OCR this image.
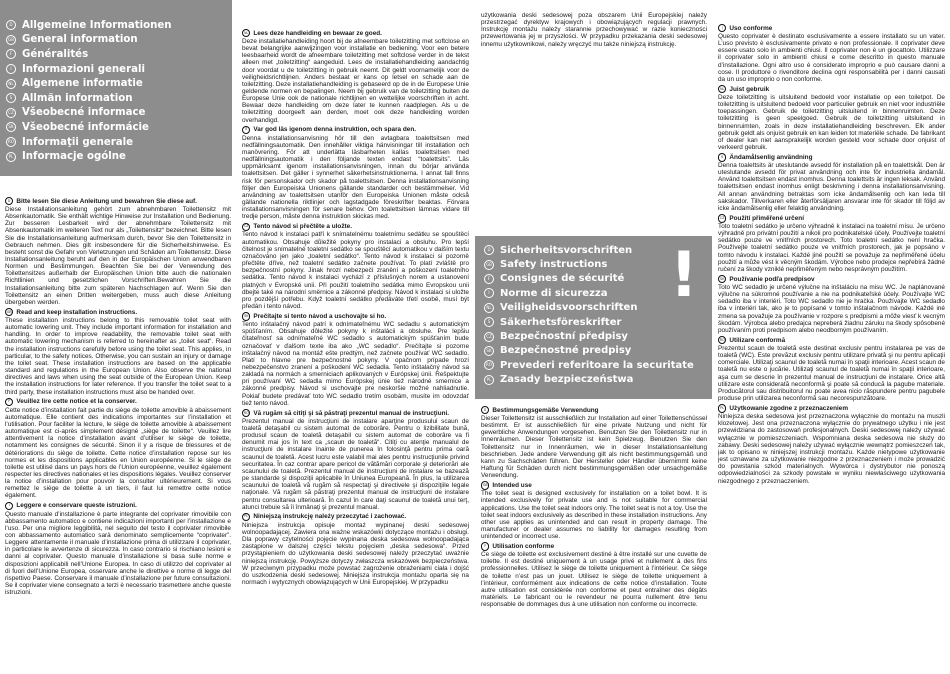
D Allgemeine Informationen
GB General information
F Généralités
I	Informazioni generali
NL Algemene informatie
S Allmän information
CZ Všeobecné informace
SK Všeobecné informácie
RO Informaţii generale
PL Informacje ogólne
D Sicherheitsvorschriften
GB Safety instructions
F Consignes de sécurité
I	Norme di sicurezza
NL Veiligheidsvoorschriften
S Säkerhetsföreskrifter
CZ Bezpečnostní předpisy
SK Bezpečnostné predpisy
RO Prevederi referitoare la securitate
PL Zasady bezpieczeństwa
!
D Bitte lesen Sie diese Anleitung und bewahren Sie diese auf.

Diese Installationsanleitung gehört zum abnehmbaren Toilettensitz mit Absenkautomatik. Sie enthält wichtige Hinweise zur Installation und Bedienung. Zur besseren Lesbarkeit wird der abnehmbare Toilettensitz mit Absenkautomatik im weiteren Text nur als „Toilettensitz“ bezeichnet. Bitte lesen Sie die Installationsanleitung aufmerksam durch, bevor Sie den Toilettensitz in Gebrauch nehmen. Dies gilt insbesondere für die Sicherheitshinweise. Es besteht sonst die Gefahr von Verletzungen und Schäden am Toilettensitz. Diese Installationsanleitung beruht auf den in der Europäischen Union anwendbaren Normen und Bestimmungen. Beachten Sie bei der Verwendung des Toilettensitzes außerhalb der Europäischen Union bitte auch die nationalen Richtlinien und gesetzlichen Vorschriften.Bewahren Sie die Installationsanleitung bitte zum späteren Nachschlagen auf. Wenn Sie den Toilettensitz an einen Dritten weitergeben, muss auch diese Anleitung übergeben werden.

GB Read and keep installation instructions.

These installation instructions belong to this removable toilet seat with automatic lowering unit. They include important information for installation and handling. In order to improve readability, the removable toilet seat with automatic lowering mechanism is referred to hereinafter as „toilet seat“. Read the installation instructions carefully before using the toilet seat. This applies, in particular, to the safety notices. Otherwise, you can sustain an injury or damage the toilet seat. These installation instructions are based on the applicable standard and regulations in the European Union. Also observe the national directives and laws when using the seat outside of the European Union. Keep the installation instructions for later reference. If you transfer the toilet seat to a third party, these installation instructions must also be handed over.

F Veuillez lire cette notice et la conserver.

Cette notice d’installation fait partie du siège de toilette amovible à abaissement automatique. Elle contient des indications importantes sur l’installation et l’utilisation. Pour faciliter la lecture, le siège de toilette amovible à abaissement automatique est ci-après simplement désigné „siège de toilette“. Veuillez lire attentivement la notice d’installation avant d’utiliser le siège de toilette, notamment les consignes de sécurité. Sinon il y a risque de blessures et de détériorations du siège de toilette. Cette notice d’installation repose sur les normes et les dispositions applicables en Union européenne. Si le siège de toilette est utilisé dans un pays hors de l’Union européenne, veuillez également respecter les directives nationales et les dispositions légales. Veuillez conserver la notice d’installation pour pouvoir la consulter ultérieurement. Si vous remettez le siège de toilette à un tiers, il faut lui remettre cette notice également.

I	Leggere e conservare queste istruzioni.

Questo manuale d’installazione è parte integrante del coprivater rimovibile con abbassamento automatico e contiene indicazioni importanti per l’installazione e l’uso. Per una migliore leggibilità, nel seguito del testo il coprivater rimovibile con abbassamento automatico sarà denominato semplicemente “coprivater”. Leggere attentamente il manuale d’installazione prima di utilizzare il coprivater, in particolare le avvertenze di sicurezza. In caso contrario si rischiano lesioni e danni al coprivater. Questo manuale d’installazione si basa sulle norme e disposizioni applicabili nell’Unione Europea. In caso di utilizzo del coprivater al di fuori dell’Unione Europea, osservare anche le direttive e norme di legge del rispettivo Paese. Conservare il manuale d’installazione per future consultazioni. Se il coprivater viene consegnato a terzi è necessario trasmettere anche queste istruzioni.

NL Lees deze handleiding en bewaar ze goed.

Deze installatiehandleiding hoort bij de afneembare toiletzitting met softclose en bevat belangrijke aanwijzingen voor installatie en bediening. Voor een betere leesbaarheid wordt de afneembare toiletzitting met softclose verder in de tekst alleen met „toiletzitting“ aangeduid. Lees de installatiehandleiding aandachtig door voordat u de toiletzitting in gebruik neemt. Dit geldt voornamelijk voor de veiligheidsrichtlijnen. Anders bestaat er kans op letsel en schade aan de toiletzitting. Deze installatiehandleiding is gebaseerd op de in de Europese Unie geldende normen en bepalingen. Neem bij gebruik van de toiletzitting buiten de Europese Unie ook de nationale richtlijnen en wettelijke voorschriften in acht. Bewaar deze handleiding om deze later te kunnen raadplegen. Als u de toiletzitting doorgeeft aan derden, moet ook deze handleiding worden overhandigd.

S Var god läs igenom denna instruktion, och spara den.

Denna installationsanvisning hör till den avtagbara toalettsitsen med nedfällningsautomatik. Den innehåller viktiga hänvisningar till installation och manövrering. För att underlätta läsbarheten kallas toalettsitsen med nedfällningsautomatik i den följande texten endast “toalettsits”. Läs uppmärksamt igenom installationsanvisningen, innan du börjar använda toalettsitsen. Det gäller i synnerhet säkerhetsinstruktionerna. I annat fall finns risk för personskador och skador på toalettsitsen. Denna installationsanvisning följer den Europeiska Unionens gällande standarder och bestämmelser. Vid användning av toalettsitsen utanför den Europeiska Unionen måste också gällande nationella riktlinjer och lagstadgade föreskrifter beaktas. Förvara installationsanvisningen för senare behov. Om toalettsitsen lämnas vidare till tredje person, måste denna instruktion skickas med.

CZ Tento návod si přečtěte a uložte.

Tento návod k instalaci patří k snímatelnému toaletnímu sedátku se spouštěcí automatikou. Obsahuje důležité pokyny pro instalaci a obsluhu. Pro lepší čitelnost je snímatelné toaletní sedátko se spouštěcí automatikou v dalším textu označováno jen jako „toaletní sedátko“. Tento návod k instalaci si pozorně přečtěte dříve, než toaletní sedátko začnete používat. To platí zvláště pro bezpečnostní pokyny. Jinak hrozí nebezpečí zranění a poškození toaletního sedátka. Tento návod k instalaci vychází z příslušných norem a ustanovení platných v Evropské unii. Při použití toaletního sedátka mimo Evropskou unii dbejte také na národní směrnice a zákonné předpisy. Návod k instalaci si uložte pro pozdější potřebu. Když toaletní sedátko předáváte třetí osobě, musí být předán i tento návod.

SK Prečítajte si tento návod a uschovajte si ho.

Tento inštalačný návod patrí k odnímateľnému WC sedadlu s automatickým spúšťaním. Obsahuje dôležité pokyny k inštalácii a obsluhe. Pre lepšiu čitateľnosť sa odnímateľné WC sedadlo s automatickým spúšťaním bude označovať v ďalšom texte iba ako „WC sedadlo“. Prečítajte si pozorne inštalačný návod na montáž ešte predtým, než začnete používať WC sedadlo. Platí to hlavne pre bezpečnostné pokyny. V opačnom prípade hrozí nebezpečenstvo zranení a poškodení WC sedadla. Tento inštalačný návod sa zakladá na normách a smerniciach aplikovaných v Európskej únii. Rešpektujte pri používaní WC sedadla mimo Európskej únie tiež národné smernice a zákonné predpisy. Návod si uschovajte pre neskoršie možné nahliadnutie. Pokiaľ budete predávať toto WC sedadlo tretím osobám, musíte im odovzdať tiež tento návod.

RO Vă rugăm să citiţi şi să păstraţi prezentul manual de instrucţiuni.

Prezentul manual de instrucţiuni de instalare aparţine produsului scaun de toaletă detaşabil cu sistem automat de coborâre. Pentru o lizibilitate bună, produsul scaun de toaletă detaşabil cu sistem automat de coborâre va fi denumit mai jos în text ca „scaun de toaletă“. Citiţi cu atenţie manualul de instrucţiuni de instalare înainte de punerea în folosinţă pentru prima oară scaunul de toaletă. Acest lucru este valabil mai ales pentru instrucţiunile privind securitatea. În caz contrar apare pericol de vătămări corporale şi deteriorări ale scaunului de toaletă. Prezentul manual de instrucţiuni de instalare se bazează pe standarde şi dispoziţii aplicabile în Uniunea Europeană. În plus, la utilizarea scaunului de toaletă vă rugăm să respectaţi şi directivele şi dispoziţiile legale naţionale. Vă rugăm să păstraţi prezentul manual de instrucţiuni de instalare pentru consultarea ulterioară. În cazul în care daţi scaunul de toaletă unui terţ, atunci trebuie să îi înmânaţi şi prezentul manual.

PL Niniejszą instrukcję należy przeczytać i zachować.

Niniejsza instrukcja opisuje montaż wypinanej deski sedesowej wolnoopadającej. Zawiera ona ważne wskazówki dotyczące montażu i obsługi. Dla poprawy czytelności pojęcie wypinana deska sedesowa wolnoopadająca zastąpione w dalszej części tekstu pojęciem „deska sedesowa“. Przed przystąpieniem do użytkowania deski sedesowej należy przeczytać uważnie niniejszą instrukcję. Powyższe dotyczy zwłaszcza wskazówek bezpieczeństwa. W przeciwnym przypadku może powstać zagrożenie obrażeniami ciała i dojść do uszkodzenia deski sedesowej. Niniejsza instrukcja montażu oparta się na normach i wytycznych obowiązujących w Unii Europejskiej. W przypadku

użytkowania deski sedesowej poza obszarem Unii Europejskiej należy przestrzegać dyrektyw krajowych i obowiązujących regulacji prawnych. Instrukcję montażu należy starannie przechowywać w razie konieczności przewertowania jej w przyszłości. W przypadku przekazania deski sedesowej innemu użytkownikowi, należy wręczyć mu także niniejszą instrukcję.

D Bestimmungsgemäße Verwendung

Dieser Toilettensitz ist ausschließlich zur Installation auf einer Toilettenschüssel bestimmt. Er ist ausschließlich für eine private Nutzung und nicht für gewerbliche Anwendungen vorgesehen. Benutzen Sie den Toilettensitz nur in Innenräumen. Dieser Toilettensitz ist kein Spielzeug. Benutzen Sie den Toilettensitz nur in Innenräumen, wie in dieser Installationsanleitung beschrieben. Jede andere Verwendung gilt als nicht bestimmungsgemäß und kann zu Sachschäden führen. Der Hersteller oder Händler übernimmt keine Haftung für Schäden durch nicht bestimmungsgemäßen oder unsachgemäße Verwendung.

GB Intended use

The toilet seat is designed exclusively for installation on a toilet bowl. It is intended exclusively for private use and is not suitable for commercial applications. Use the toilet seat indoors only. The toilet seat is not a toy. Use the toilet seat indoors exclusively as described in these installation instructions. Any other use applies as unintended and can result in property damage. The manufacturer or dealer assumes no liability for damages resulting from unintended or incorrect use.

F Utilisation conforme

Ce siège de toilette est exclusivement destiné à être installé sur une cuvette de toilette. Il est destiné uniquement à un usage privé et nullement à des fins professionnelles. Utilisez le siège de toilette uniquement à l’intérieur. Ce siège de toilette n’est pas un jouet. Utilisez le siège de toilette uniquement à l’intérieur, conformément aux indications de cette notice d’installation. Toute autre utilisation est considérée non conforme et peut entraîner des dégâts matériels. Le fabricant ou le revendeur ne pourra nullement être tenu responsable de dommages dus à une utilisation non conforme ou incorrecte.

I	Uso conforme

Questo coprivater è destinato esclusivamente a essere installato su un vater. L’uso previsto è esclusivamente privato e non professionale. Il coprivater deve essere usato solo in ambienti chiusi. Il coprivater non è un giocattolo. Utilizzare il coprivater solo in ambienti chiusi e come descritto in questo manuale d’installazione. Ogni altro uso è considerato improprio e può causare danni a cose. Il produttore o rivenditore declina ogni responsabilità per i danni causati da un uso improprio o non conforme.

NL Juist gebruik

Deze toiletzitting is uitsluitend bedoeld voor installatie op een toiletpot. De toiletzitting is uitsluitend bedoeld voor particulier gebruik en niet voor industriële toepassingen. Gebruik de toiletzitting uitsluitend in binnenruimten. Deze toiletzitting is geen speelgoed. Gebruik de toiletzitting uitsluitend in binnenruimten, zoals in deze installatiehandleiding beschreven. Elk ander gebruik geldt als onjuist gebruik en kan leiden tot materiële schade. De fabrikant of dealer kan niet aansprakelijk worden gesteld voor schade door onjuist of verkeerd gebruik.

S Ändamålsenlig användning

Denna toalettsits är uteslutande avsedd för installation på en toalettskål. Den är uteslutande avsedd för privat användning och inte för industriella ändamål. Använd toalettsitsen endast inomhus. Denna toalettsits är ingen leksak. Använd toalettsitsen endast inomhus enligt beskrivning i denna installationsanvisning. All annan användning betraktas som icke ändamålsenlig och kan leda till sakskador. Tillverkaren eller återförsäljaren ansvarar inte för skador till följd av icke ändamålsenlig eller felaktig användning.

CZ Použití přiměřené určení

Toto toaletní sedátko je určeno výhradně k instalaci na toaletní mísu. Je určeno výhradně pro privátní použití a nikoli pro podnikatelské účely. Používejte toaletní sedátko pouze ve vnitřních prostorech. Toto toaletní sedátko není hračka. Používejte toaletní sedátko pouze ve vnitřních prostorech, jak je popsáno v tomto návodu k instalaci. Každé jiné použití se považuje za nepřiměřené účelu použití a může vést k věcným škodám. Výrobce nebo prodejce nepřebírá žádné ručení za škody vzniklé nepřiměřeným nebo nesprávným použitím.

SK Používanie podľa predpisov

Toto WC sedadlo je určené výlučne na inštaláciu na misu WC. Je naplánované výlučne na súkromné používanie a nie na podnikateľské účely. Používajte WC sedadlo iba v interiéri. Toto WC sedadlo nie je hračka. Používajte WC sedadlo iba v interiéri tak, ako je to popísané v tomto inštalačnom návode. Každé iné zmena sa považuje za používanie v rozpore s predpismi a môže viesť k vecným škodám. Výrobca alebo predajca nepreberá žiadnu záruku na škody spôsobené používaním proti predpisom alebo neodborným používaním.

RO Utilizare conformă

Prezentul scaun de toaletă este destinat exclusiv pentru instalarea pe vas de toaletă (WC). Este prevăzut exclusiv pentru utilizare privată şi nu pentru aplicaţii comerciale. Utilizaţi scaunul de toaletă numai în spaţii interioare. Acest scaun de toaletă nu este o jucărie. Utilizaţi scaunul de toaletă numai în spaţii interioare, aşa cum se descrie în prezentul manual de instrucţiuni de instalare. Orice altă utilizare este considerată neconformă şi poate să conducă la pagube materiale. Producătorul sau distribuitorul nu poate avea nicio răspundere pentru pagubele produse prin utilizarea neconformă sau necorespunzătoare.

PL Użytkowanie zgodne z przeznaczeniem

Niniejsza deska sedesowa jest przeznaczona wyłącznie do montażu na muszli klozetowej. Jest ona przeznaczona wyłącznie do prywatnego użytku i nie jest przewidziana do zastosowań profesjonalnych. Deski sedesowej należy używać wyłącznie w pomieszczeniach. Wspomniana deska sedesowa nie służy do zabawy. Deski sedesowej należy używać wyłącznie wewnątrz pomieszczeń tak, jak to opisano w niniejszej instrukcji montażu. Każde nietypowe użytkowanie jest uznawane za użytkowanie niezgodne z przeznaczeniem i może prowadzić do powstania szkód materialnych. Wytwórca i dystrybutor nie ponoszą odpowiedzialności za szkody powstałe w wyniku niewłaściwego użytkowania niezgodnego z przeznaczeniem.
